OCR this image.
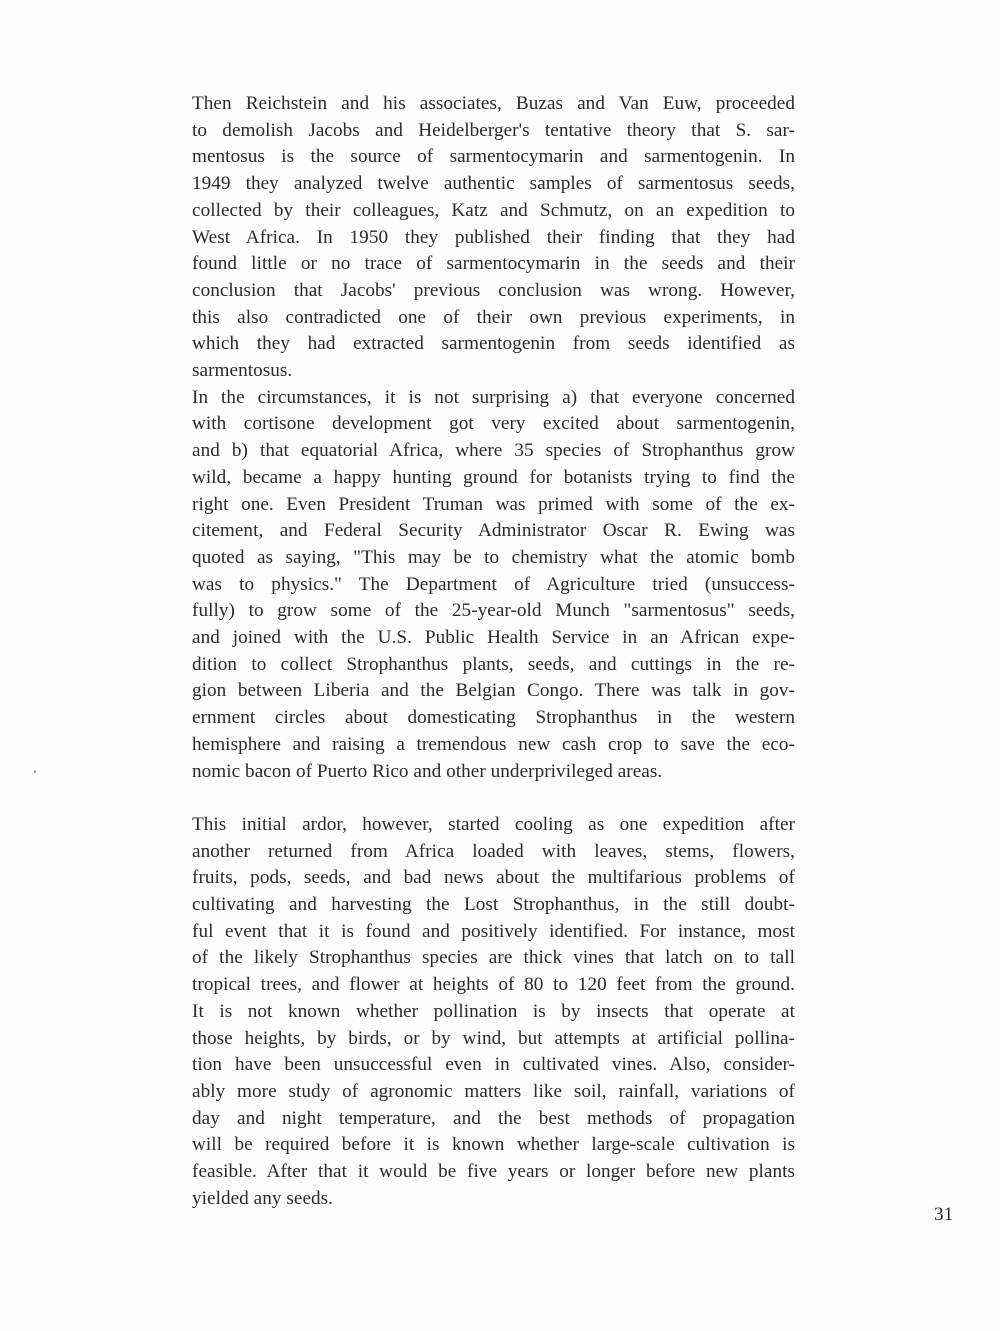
Then Reichstein and his associates, Buzas and Van Euw, proceeded
to demolish Jacobs and Heidelberger's tentative theory that S. sar-
mentosus is the source of sarmentocymarin and sarmentogenin. In
1949 they analyzed twelve authentic samples of sarmentosus seeds,
collected by their colleagues, Katz and Schmutz, on an expedition to
West Africa. In 1950 they published their finding that they had
found little or no trace of sarmentocymarin in the seeds and their
conclusion that Jacobs' previous conclusion was wrong. However,
this also contradicted one of their own previous experiments, in
which they had extracted sarmentogenin from seeds identified as
sarmentosus.
In the circumstances, it is not surprising a) that everyone concerned
with cortisone development got very excited about sarmentogenin,
and b) that equatorial Africa, where 35 species of Strophanthus grow
wild, became a happy hunting ground for botanists trying to find the
right one. Even President Truman was primed with some of the ex-
citement, and Federal Security Administrator Oscar R. Ewing was
quoted as saying, "This may be to chemistry what the atomic bomb
was to physics." The Department of Agriculture tried (unsuccess-
fully) to grow some of the 25-year-old Munch "sarmentosus" seeds,
and joined with the U.S. Public Health Service in an African expe-
dition to collect Strophanthus plants, seeds, and cuttings in the re-
gion between Liberia and the Belgian Congo. There was talk in gov-
ernment circles about domesticating Strophanthus in the western
hemisphere and raising a tremendous new cash crop to save the eco-
nomic bacon of Puerto Rico and other underprivileged areas.
This initial ardor, however, started cooling as one expedition after
another returned from Africa loaded with leaves, stems, flowers,
fruits, pods, seeds, and bad news about the multifarious problems of
cultivating and harvesting the Lost Strophanthus, in the still doubt-
ful event that it is found and positively identified. For instance, most
of the likely Strophanthus species are thick vines that latch on to tall
tropical trees, and flower at heights of 80 to 120 feet from the ground.
It is not known whether pollination is by insects that operate at
those heights, by birds, or by wind, but attempts at artificial pollina-
tion have been unsuccessful even in cultivated vines. Also, consider-
ably more study of agronomic matters like soil, rainfall, variations of
day and night temperature, and the best methods of propagation
will be required before it is known whether large-scale cultivation is
feasible. After that it would be five years or longer before new plants
yielded any seeds.
31
